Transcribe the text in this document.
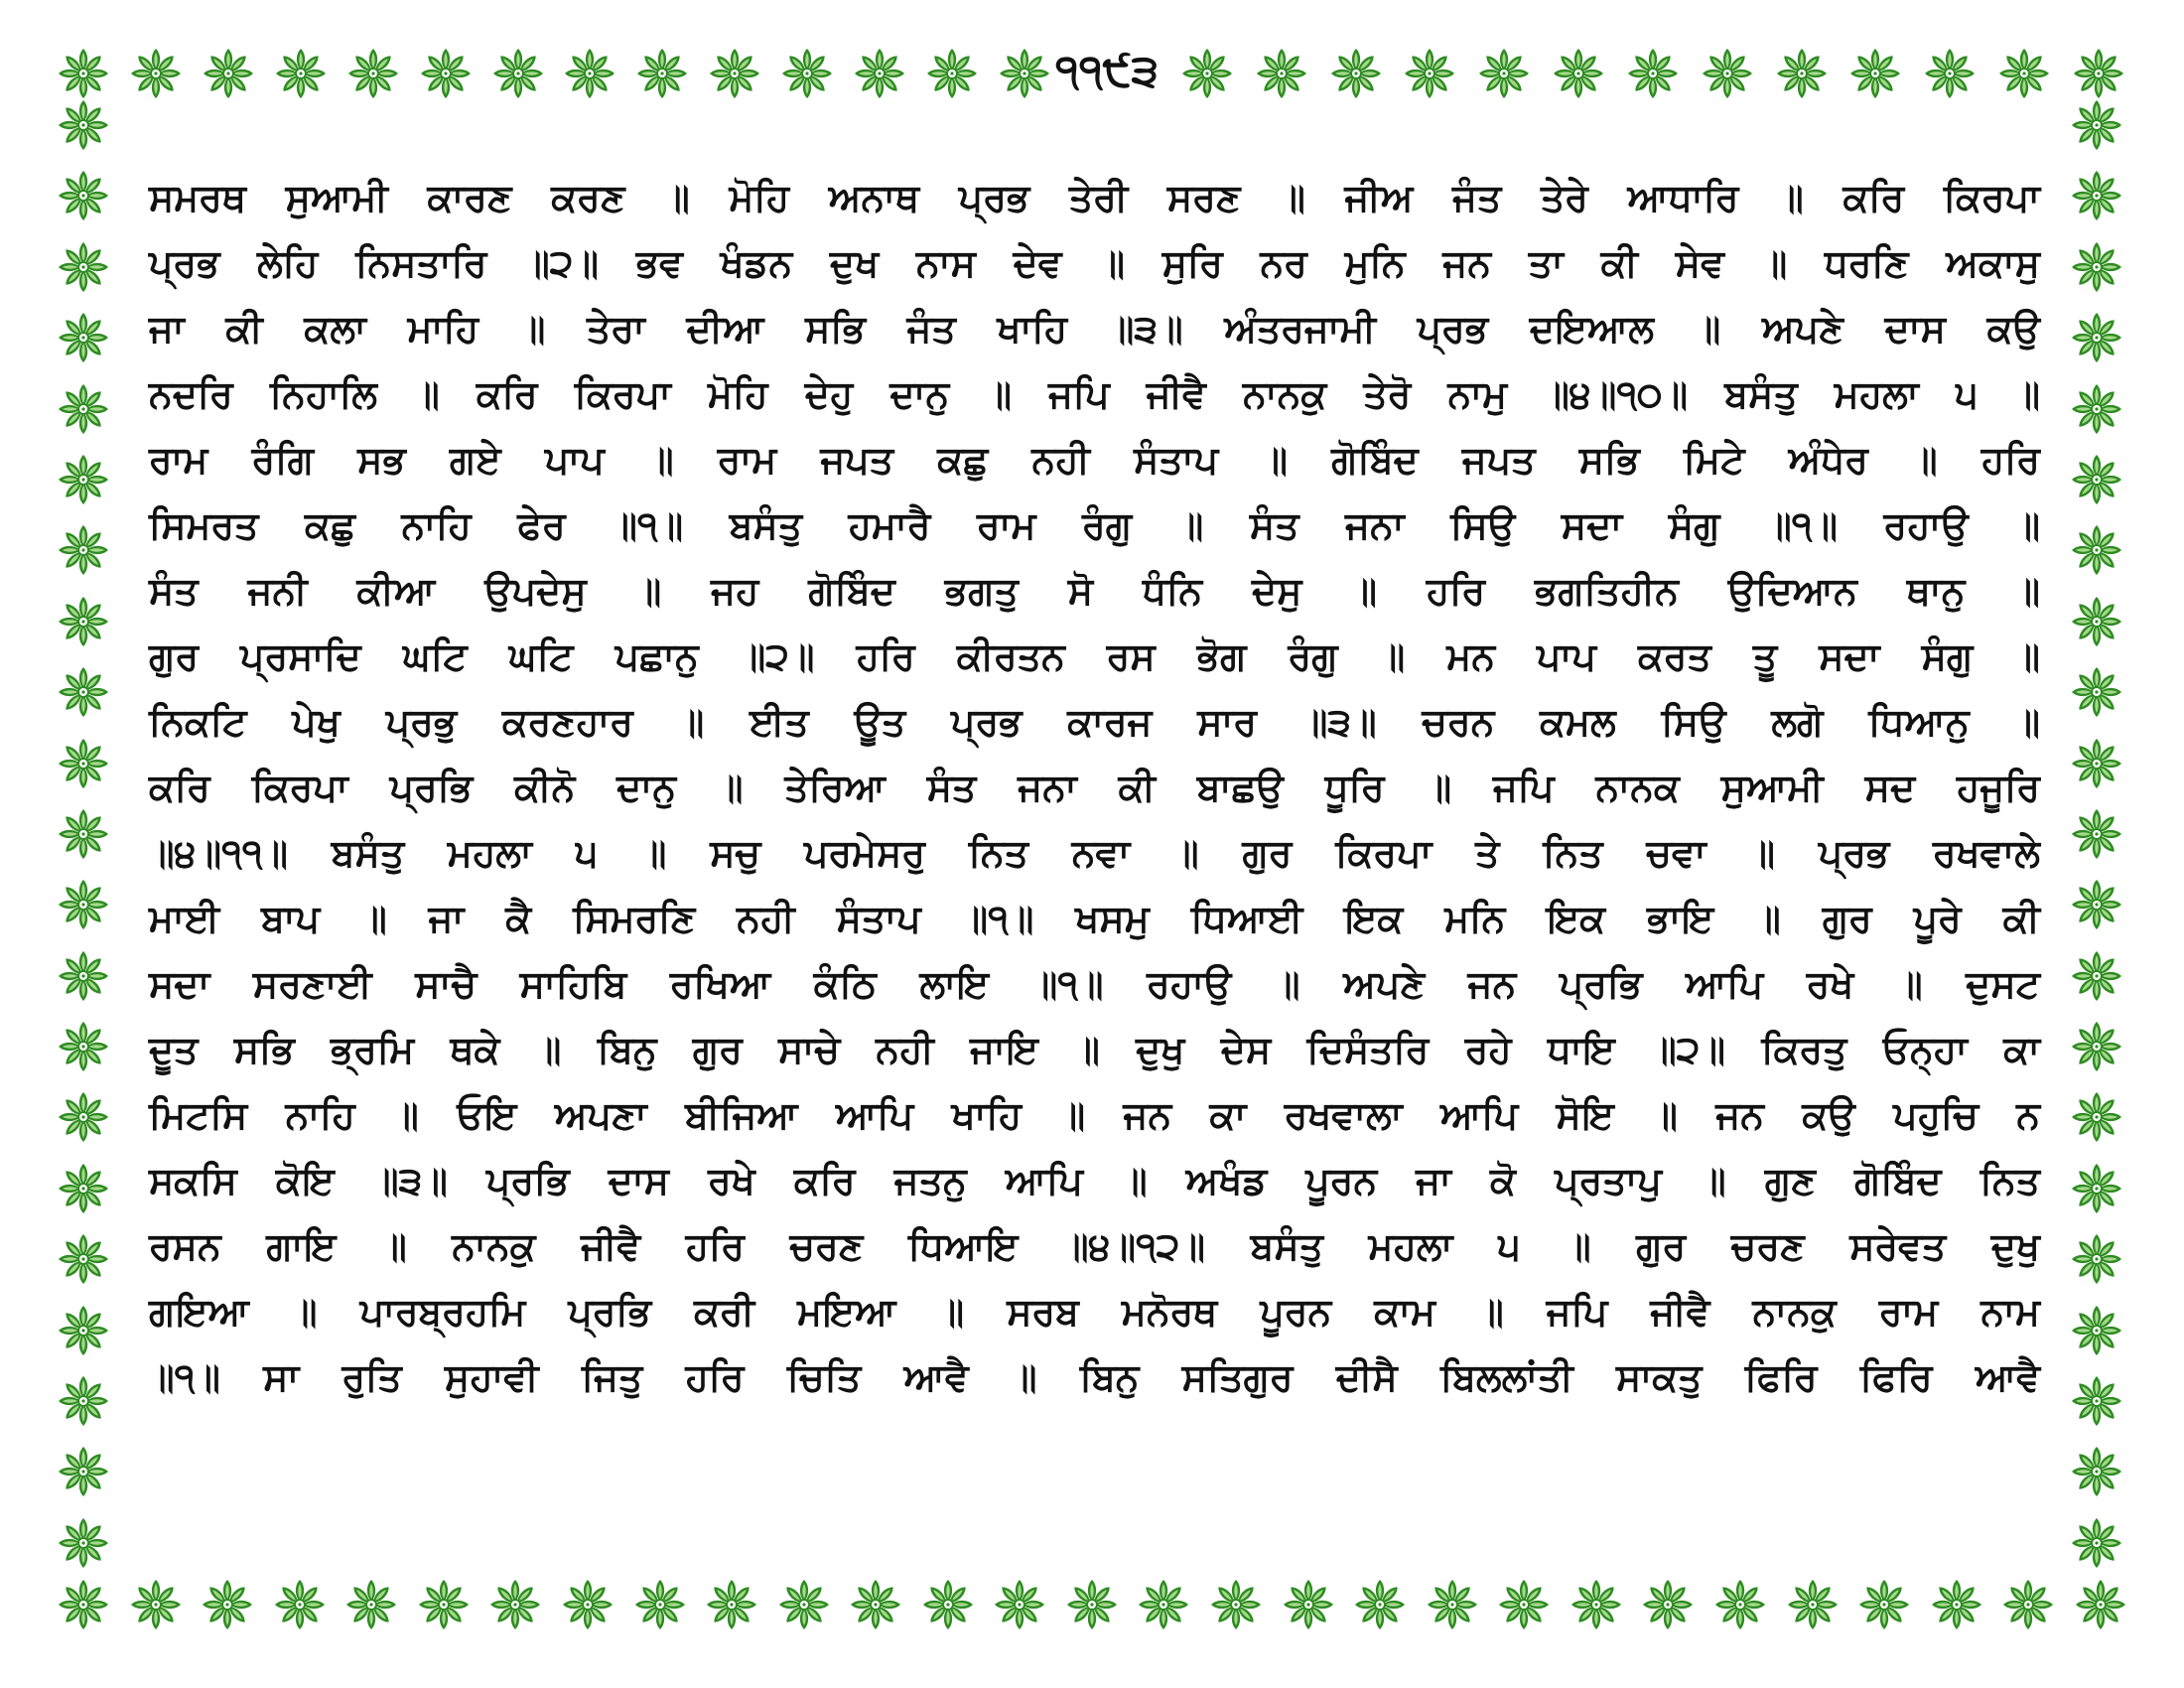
੧੧੯੩
ਸਮਰਥ ਸੁਆਮੀ ਕਾਰਣ ਕਰਣ ॥ ਮੋਹਿ ਅਨਾਥ ਪ੍ਰਭ ਤੇਰੀ ਸਰਣ ॥ ਜੀਅ ਜੰਤ ਤੇਰੇ ਆਧਾਰਿ ॥ ਕਰਿ ਕਿਰਪਾ
ਪ੍ਰਭ ਲੇਹਿ ਨਿਸਤਾਰਿ ॥੨॥ ਭਵ ਖੰਡਨ ਦੁਖ ਨਾਸ ਦੇਵ ॥ ਸੁਰਿ ਨਰ ਮੁਨਿ ਜਨ ਤਾ ਕੀ ਸੇਵ ॥ ਧਰਣਿ ਅਕਾਸੁ
ਜਾ ਕੀ ਕਲਾ ਮਾਹਿ ॥ ਤੇਰਾ ਦੀਆ ਸਭਿ ਜੰਤ ਖਾਹਿ ॥੩॥ ਅੰਤਰਜਾਮੀ ਪ੍ਰਭ ਦਇਆਲ ॥ ਅਪਣੇ ਦਾਸ ਕਉ
ਨਦਰਿ ਨਿਹਾਲਿ ॥ ਕਰਿ ਕਿਰਪਾ ਮੋਹਿ ਦੇਹੁ ਦਾਨੁ ॥ ਜਪਿ ਜੀਵੈ ਨਾਨਕੁ ਤੇਰੋ ਨਾਮੁ ॥੪॥੧੦॥ ਬਸੰਤੁ ਮਹਲਾ ੫ ॥
ਰਾਮ ਰੰਗਿ ਸਭ ਗਏ ਪਾਪ ॥ ਰਾਮ ਜਪਤ ਕਛੁ ਨਹੀ ਸੰਤਾਪ ॥ ਗੋਬਿੰਦ ਜਪਤ ਸਭਿ ਮਿਟੇ ਅੰਧੇਰ ॥ ਹਰਿ
ਸਿਮਰਤ ਕਛੁ ਨਾਹਿ ਫੇਰ ॥੧॥ ਬਸੰਤੁ ਹਮਾਰੈ ਰਾਮ ਰੰਗੁ ॥ ਸੰਤ ਜਨਾ ਸਿਉ ਸਦਾ ਸੰਗੁ ॥੧॥ ਰਹਾਉ ॥
ਸੰਤ ਜਨੀ ਕੀਆ ਉਪਦੇਸੁ ॥ ਜਹ ਗੋਬਿੰਦ ਭਗਤੁ ਸੋ ਧੰਨਿ ਦੇਸੁ ॥ ਹਰਿ ਭਗਤਿਹੀਨ ਉਦਿਆਨ ਥਾਨੁ ॥
ਗੁਰ ਪ੍ਰਸਾਦਿ ਘਟਿ ਘਟਿ ਪਛਾਨੁ ॥੨॥ ਹਰਿ ਕੀਰਤਨ ਰਸ ਭੋਗ ਰੰਗੁ ॥ ਮਨ ਪਾਪ ਕਰਤ ਤੂ ਸਦਾ ਸੰਗੁ ॥
ਨਿਕਟਿ ਪੇਖੁ ਪ੍ਰਭੁ ਕਰਣਹਾਰ ॥ ਈਤ ਊਤ ਪ੍ਰਭ ਕਾਰਜ ਸਾਰ ॥੩॥ ਚਰਨ ਕਮਲ ਸਿਉ ਲਗੋ ਧਿਆਨੁ ॥
ਕਰਿ ਕਿਰਪਾ ਪ੍ਰਭਿ ਕੀਨੋ ਦਾਨੁ ॥ ਤੇਰਿਆ ਸੰਤ ਜਨਾ ਕੀ ਬਾਛਉ ਧੂਰਿ ॥ ਜਪਿ ਨਾਨਕ ਸੁਆਮੀ ਸਦ ਹਜੂਰਿ
॥੪॥੧੧॥ ਬਸੰਤੁ ਮਹਲਾ ੫ ॥ ਸਚੁ ਪਰਮੇਸਰੁ ਨਿਤ ਨਵਾ ॥ ਗੁਰ ਕਿਰਪਾ ਤੇ ਨਿਤ ਚਵਾ ॥ ਪ੍ਰਭ ਰਖਵਾਲੇ
ਮਾਈ ਬਾਪ ॥ ਜਾ ਕੈ ਸਿਮਰਣਿ ਨਹੀ ਸੰਤਾਪ ॥੧॥ ਖਸਮੁ ਧਿਆਈ ਇਕ ਮਨਿ ਇਕ ਭਾਇ ॥ ਗੁਰ ਪੂਰੇ ਕੀ
ਸਦਾ ਸਰਣਾਈ ਸਾਚੈ ਸਾਹਿਬਿ ਰਖਿਆ ਕੰਠਿ ਲਾਇ ॥੧॥ ਰਹਾਉ ॥ ਅਪਣੇ ਜਨ ਪ੍ਰਭਿ ਆਪਿ ਰਖੇ ॥ ਦੁਸਟ
ਦੂਤ ਸਭਿ ਭ੍ਰਮਿ ਥਕੇ ॥ ਬਿਨੁ ਗੁਰ ਸਾਚੇ ਨਹੀ ਜਾਇ ॥ ਦੁਖੁ ਦੇਸ ਦਿਸੰਤਰਿ ਰਹੇ ਧਾਇ ॥੨॥ ਕਿਰਤੁ ਓਨ੍ਹਾ ਕਾ
ਮਿਟਸਿ ਨਾਹਿ ॥ ਓਇ ਅਪਣਾ ਬੀਜਿਆ ਆਪਿ ਖਾਹਿ ॥ ਜਨ ਕਾ ਰਖਵਾਲਾ ਆਪਿ ਸੋਇ ॥ ਜਨ ਕਉ ਪਹੁਚਿ ਨ
ਸਕਸਿ ਕੋਇ ॥੩॥ ਪ੍ਰਭਿ ਦਾਸ ਰਖੇ ਕਰਿ ਜਤਨੁ ਆਪਿ ॥ ਅਖੰਡ ਪੂਰਨ ਜਾ ਕੋ ਪ੍ਰਤਾਪੁ ॥ ਗੁਣ ਗੋਬਿੰਦ ਨਿਤ
ਰਸਨ ਗਾਇ ॥ ਨਾਨਕੁ ਜੀਵੈ ਹਰਿ ਚਰਣ ਧਿਆਇ ॥੪॥੧੨॥ ਬਸੰਤੁ ਮਹਲਾ ੫ ॥ ਗੁਰ ਚਰਣ ਸਰੇਵਤ ਦੁਖੁ
ਗਇਆ ॥ ਪਾਰਬ੍ਰਹਮਿ ਪ੍ਰਭਿ ਕਰੀ ਮਇਆ ॥ ਸਰਬ ਮਨੋਰਥ ਪੂਰਨ ਕਾਮ ॥ ਜਪਿ ਜੀਵੈ ਨਾਨਕੁ ਰਾਮ ਨਾਮ
॥੧॥ ਸਾ ਰੁਤਿ ਸੁਹਾਵੀ ਜਿਤੁ ਹਰਿ ਚਿਤਿ ਆਵੈ ॥ ਬਿਨੁ ਸਤਿਗੁਰ ਦੀਸੈ ਬਿਲਲਾਂਤੀ ਸਾਕਤੁ ਫਿਰਿ ਫਿਰਿ ਆਵੈ
